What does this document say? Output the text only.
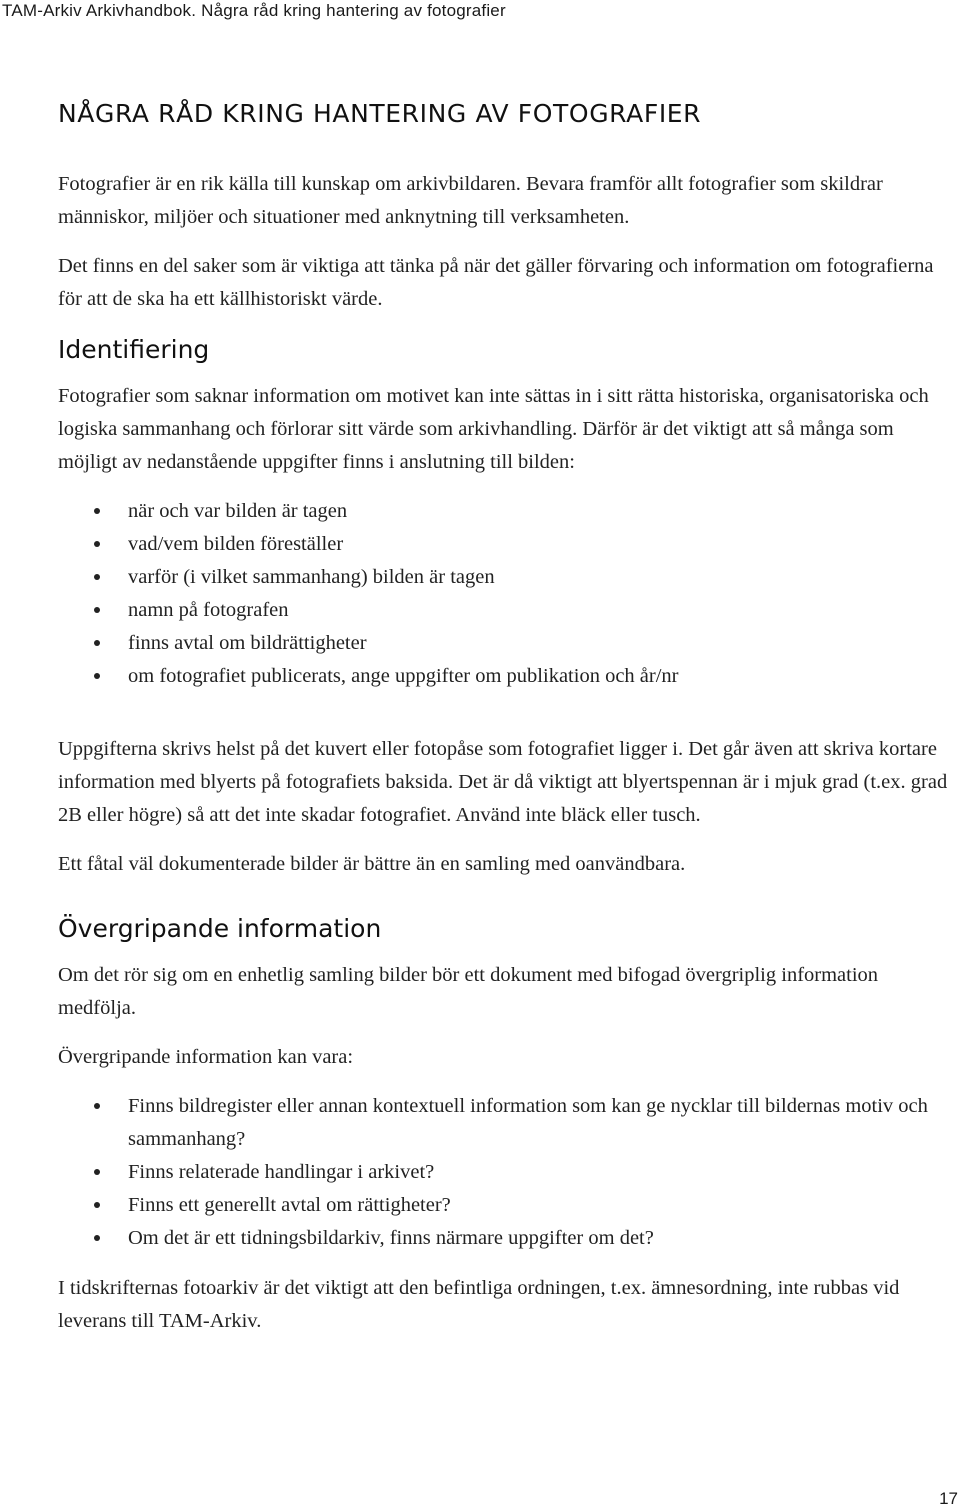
TAM-Arkiv Arkivhandbok. Några råd kring hantering av fotografier
NÅGRA RÅD KRING HANTERING AV FOTOGRAFIER

Fotografier är en rik källa till kunskap om arkivbildaren. Bevara framför allt fotografier som skildrar människor, miljöer och situationer med anknytning till verksamheten.

Det finns en del saker som är viktiga att tänka på när det gäller förvaring och information om fotografierna för att de ska ha ett källhistoriskt värde.

Identifiering

Fotografier som saknar information om motivet kan inte sättas in i sitt rätta historiska, organisatoriska och logiska sammanhang och förlorar sitt värde som arkivhandling. Därför är det viktigt att så många som möjligt av nedanstående uppgifter finns i anslutning till bilden:

när och var bilden är tagen
vad/vem bilden föreställer
varför (i vilket sammanhang) bilden är tagen
namn på fotografen
finns avtal om bildrättigheter
om fotografiet publicerats, ange uppgifter om publikation och år/nr

Uppgifterna skrivs helst på det kuvert eller fotopåse som fotografiet ligger i. Det går även att skriva kortare information med blyerts på fotografiets baksida. Det är då viktigt att blyertspennan är i mjuk grad (t.ex. grad 2B eller högre) så att det inte skadar fotografiet. Använd inte bläck eller tusch.

Ett fåtal väl dokumenterade bilder är bättre än en samling med oanvändbara.

Övergripande information

Om det rör sig om en enhetlig samling bilder bör ett dokument med bifogad övergriplig information medfölja.

Övergripande information kan vara:

Finns bildregister eller annan kontextuell information som kan ge nycklar till bildernas motiv och sammanhang?
Finns relaterade handlingar i arkivet?
Finns ett generellt avtal om rättigheter?
Om det är ett tidningsbildarkiv, finns närmare uppgifter om det?

I tidskrifternas fotoarkiv är det viktigt att den befintliga ordningen, t.ex. ämnesordning, inte rubbas vid leverans till TAM-Arkiv.

17
